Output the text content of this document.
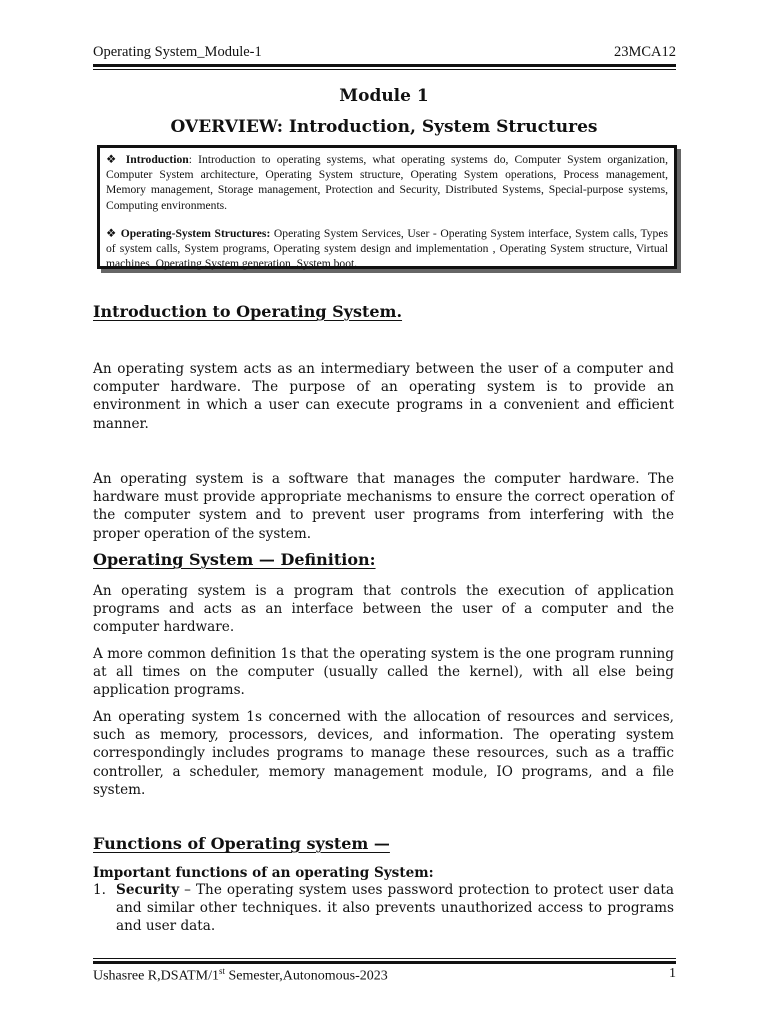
Operating System_Module-1	23MCA12
Module 1
OVERVIEW: Introduction, System Structures

❖ Introduction: Introduction to operating systems, what operating systems do, Computer System organization, Computer System architecture, Operating System structure, Operating System operations, Process management, Memory management, Storage management, Protection and Security, Distributed Systems, Special-purpose systems, Computing environments.

❖ Operating-System Structures: Operating System Services, User - Operating System interface, System calls, Types of system calls, System programs, Operating system design and implementation , Operating System structure, Virtual machines, Operating System generation, System boot.

Introduction to Operating System.

An operating system acts as an intermediary between the user of a computer and computer hardware. The purpose of an operating system is to provide an environment in which a user can execute programs in a convenient and efficient manner.

An operating system is a software that manages the computer hardware. The hardware must provide appropriate mechanisms to ensure the correct operation of the computer system and to prevent user programs from interfering with the proper operation of the system.

Operating System — Definition:

An operating system is a program that controls the execution of application programs and acts as an interface between the user of a computer and the computer hardware.

A more common definition 1s that the operating system is the one program running at all times on the computer (usually called the kernel), with all else being application programs.

An operating system 1s concerned with the allocation of resources and services, such as memory, processors, devices, and information. The operating system correspondingly includes programs to manage these resources, such as a traffic controller, a scheduler, memory management module, IO programs, and a file system.

Functions of Operating system —
Important functions of an operating System:
1. Security – The operating system uses password protection to protect user data and similar other techniques. it also prevents unauthorized access to programs and user data.
Ushasree R,DSATM/1st Semester,Autonomous-2023	1
